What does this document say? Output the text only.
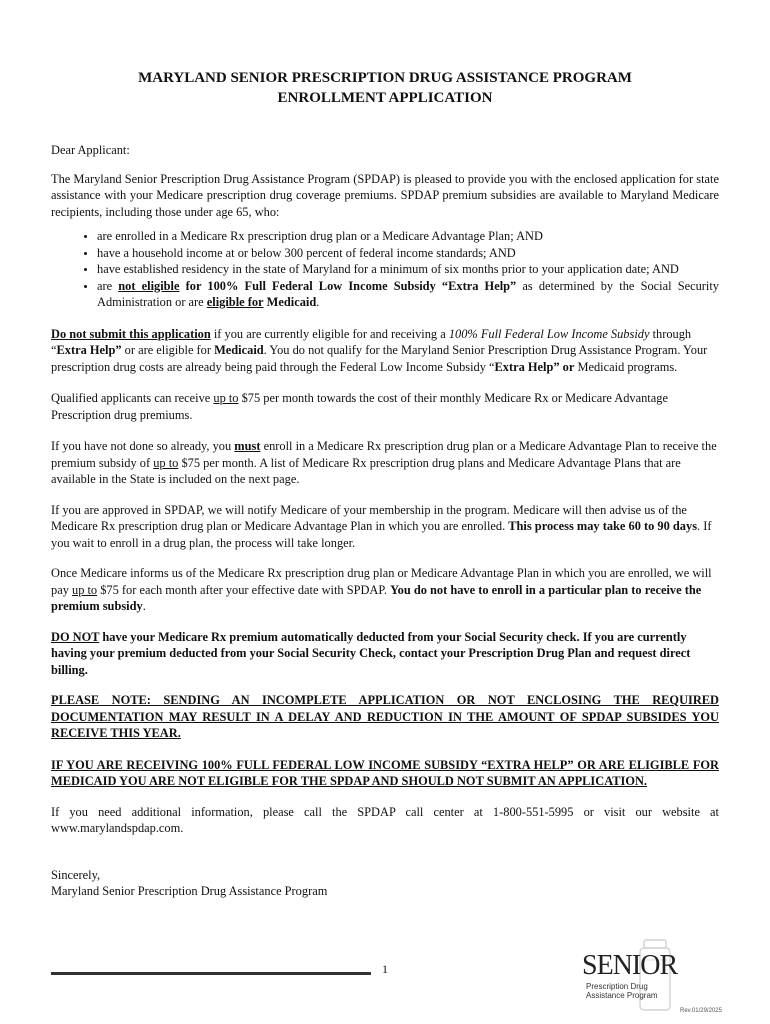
MARYLAND SENIOR PRESCRIPTION DRUG ASSISTANCE PROGRAM
ENROLLMENT APPLICATION

Dear Applicant:

The Maryland Senior Prescription Drug Assistance Program (SPDAP) is pleased to provide you with the enclosed application for state assistance with your Medicare prescription drug coverage premiums. SPDAP premium subsidies are available to Maryland Medicare recipients, including those under age 65, who:

• are enrolled in a Medicare Rx prescription drug plan or a Medicare Advantage Plan; AND
• have a household income at or below 300 percent of federal income standards; AND
• have established residency in the state of Maryland for a minimum of six months prior to your application date; AND
• are not eligible for 100% Full Federal Low Income Subsidy “Extra Help” as determined by the Social Security Administration or are eligible for Medicaid.

Do not submit this application if you are currently eligible for and receiving a 100% Full Federal Low Income Subsidy through “Extra Help” or are eligible for Medicaid. You do not qualify for the Maryland Senior Prescription Drug Assistance Program. Your prescription drug costs are already being paid through the Federal Low Income Subsidy “Extra Help” or Medicaid programs.

Qualified applicants can receive up to $75 per month towards the cost of their monthly Medicare Rx or Medicare Advantage Prescription drug premiums.

If you have not done so already, you must enroll in a Medicare Rx prescription drug plan or a Medicare Advantage Plan to receive the premium subsidy of up to $75 per month. A list of Medicare Rx prescription drug plans and Medicare Advantage Plans that are available in the State is included on the next page.

If you are approved in SPDAP, we will notify Medicare of your membership in the program. Medicare will then advise us of the Medicare Rx prescription drug plan or Medicare Advantage Plan in which you are enrolled. This process may take 60 to 90 days. If you wait to enroll in a drug plan, the process will take longer.

Once Medicare informs us of the Medicare Rx prescription drug plan or Medicare Advantage Plan in which you are enrolled, we will pay up to $75 for each month after your effective date with SPDAP. You do not have to enroll in a particular plan to receive the premium subsidy.

DO NOT have your Medicare Rx premium automatically deducted from your Social Security check. If you are currently having your premium deducted from your Social Security Check, contact your Prescription Drug Plan and request direct billing.

PLEASE NOTE: SENDING AN INCOMPLETE APPLICATION OR NOT ENCLOSING THE REQUIRED DOCUMENTATION MAY RESULT IN A DELAY AND REDUCTION IN THE AMOUNT OF SPDAP SUBSIDES YOU RECEIVE THIS YEAR.

IF YOU ARE RECEIVING 100% FULL FEDERAL LOW INCOME SUBSIDY “EXTRA HELP” OR ARE ELIGIBLE FOR MEDICAID YOU ARE NOT ELIGIBLE FOR THE SPDAP AND SHOULD NOT SUBMIT AN APPLICATION.

If you need additional information, please call the SPDAP call center at 1-800-551-5995 or visit our website at www.marylandspdap.com.

Sincerely,

Maryland Senior Prescription Drug Assistance Program

1	SENIOR
Prescription Drug
Assistance Program
Rev.01/29/2025
